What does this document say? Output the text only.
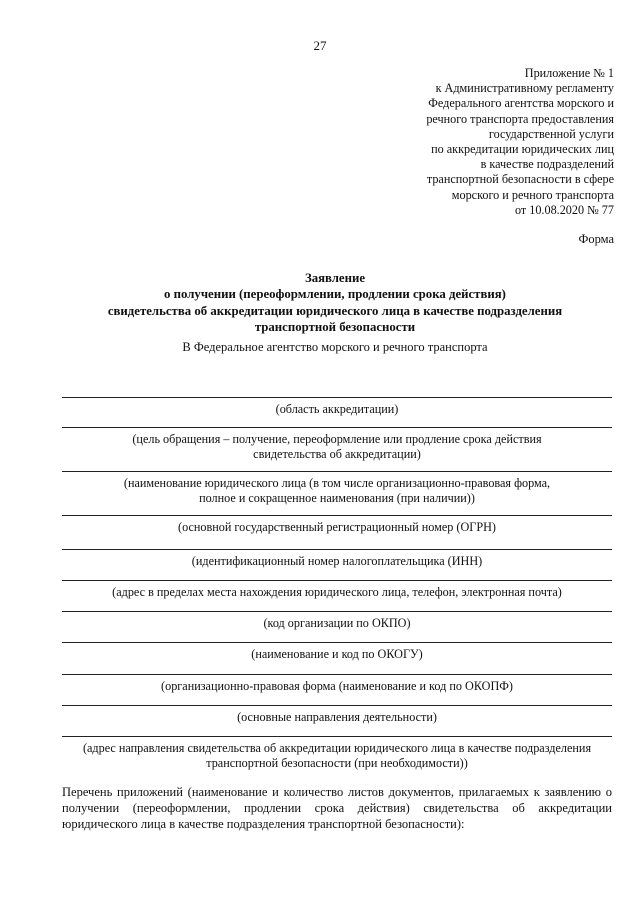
27
Приложение № 1
к Административному регламенту
Федерального агентства морского и
речного транспорта предоставления
государственной услуги
по аккредитации юридических лиц
в качестве подразделений
транспортной безопасности в сфере
морского и речного транспорта
от 10.08.2020 № 77
Форма
Заявление
о получении (переоформлении, продлении срока действия)
свидетельства об аккредитации юридического лица в качестве подразделения
транспортной безопасности
В Федеральное агентство морского и речного транспорта
(область аккредитации)
(цель обращения – получение, переоформление или продление срока действия
свидетельства об аккредитации)
(наименование юридического лица (в том числе организационно-правовая форма,
полное и сокращенное наименования (при наличии))
(основной государственный регистрационный номер (ОГРН)
(идентификационный номер налогоплательщика (ИНН)
(адрес в пределах места нахождения юридического лица, телефон, электронная почта)
(код организации по ОКПО)
(наименование и код по ОКОГУ)
(организационно-правовая форма (наименование и код по ОКОПФ)
(основные направления деятельности)
(адрес направления свидетельства об аккредитации юридического лица в качестве подразделения
транспортной безопасности (при необходимости))
Перечень приложений (наименование и количество листов документов, прилагаемых к заявлению о получении (переоформлении, продлении срока действия) свидетельства об аккредитации юридического лица в качестве подразделения транспортной безопасности):
